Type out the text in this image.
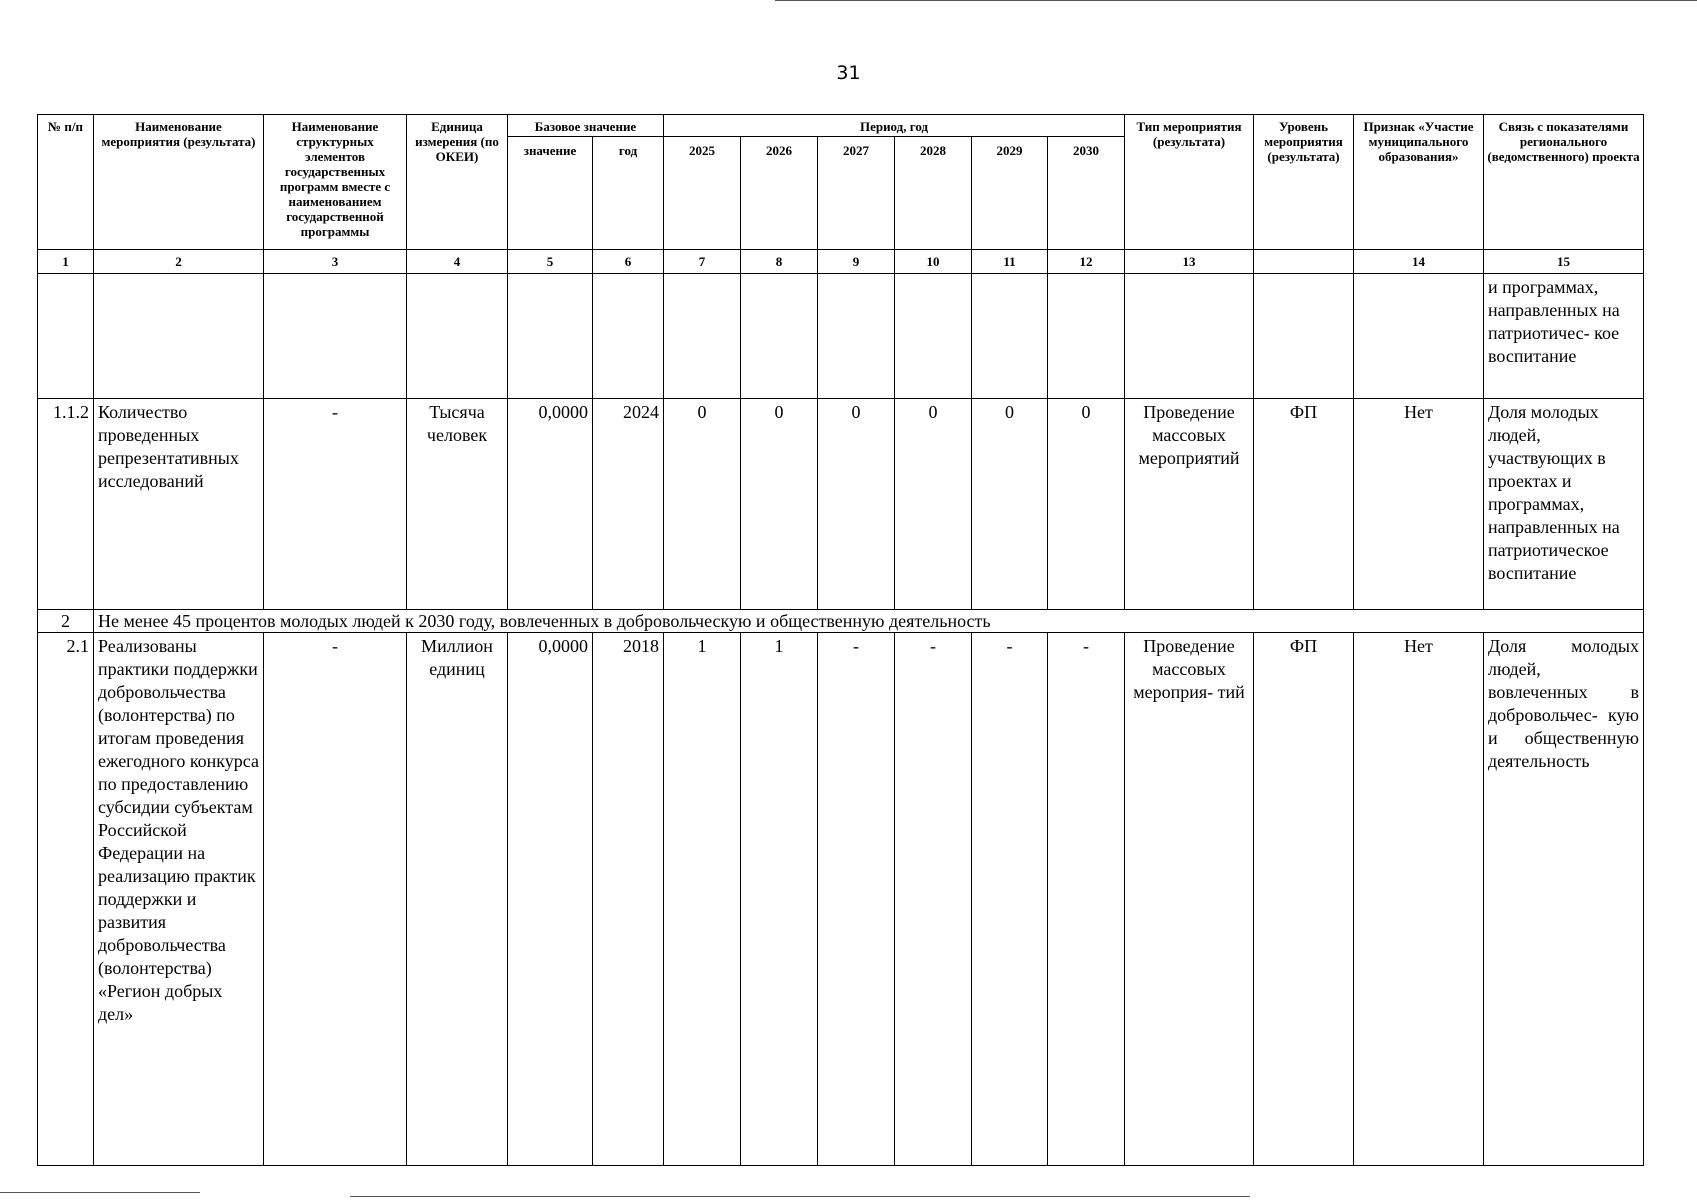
31
№ п/п	Наименование мероприятия (результата)	Наименование структурных элементов государственных программ вместе с наименованием государственной программы	Единица измерения (по ОКЕИ)	Базовое значение		Период, год						Тип мероприятия (результата)	Уровень мероприятия (результата)	Признак «Участие муниципального образования»	Связь с показателями регионального (ведомственного) проекта
				значение	год	2025	2026	2027	2028	2029	2030				
1	2	3	4	5	6	7	8	9	10	11	12	13		14	15
															и программах, направленных на патриотичес- кое воспитание
1.1.2	Количество проведенных репрезентативных исследований	-	Тысяча человек	0,0000	2024	0	0	0	0	0	0	Проведение массовых мероприятий	ФП	Нет	Доля молодых людей, участвующих в проектах и программах, направленных на патриотическое воспитание
2	Не менее 45 процентов молодых людей к 2030 году, вовлеченных в добровольческую и общественную деятельность														
2.1	Реализованы практики поддержки добровольчества (волонтерства) по итогам проведения ежегодного конкурса по предоставлению субсидии субъектам Российской Федерации на реализацию практик поддержки и развития добровольчества (волонтерства) «Регион добрых дел»	-	Миллион единиц	0,0000	2018	1	1	-	-	-	-	Проведение массовых мероприя- тий	ФП	Нет	Доля молодых людей, вовлеченных в добровольчес- кую и общественную деятельность
